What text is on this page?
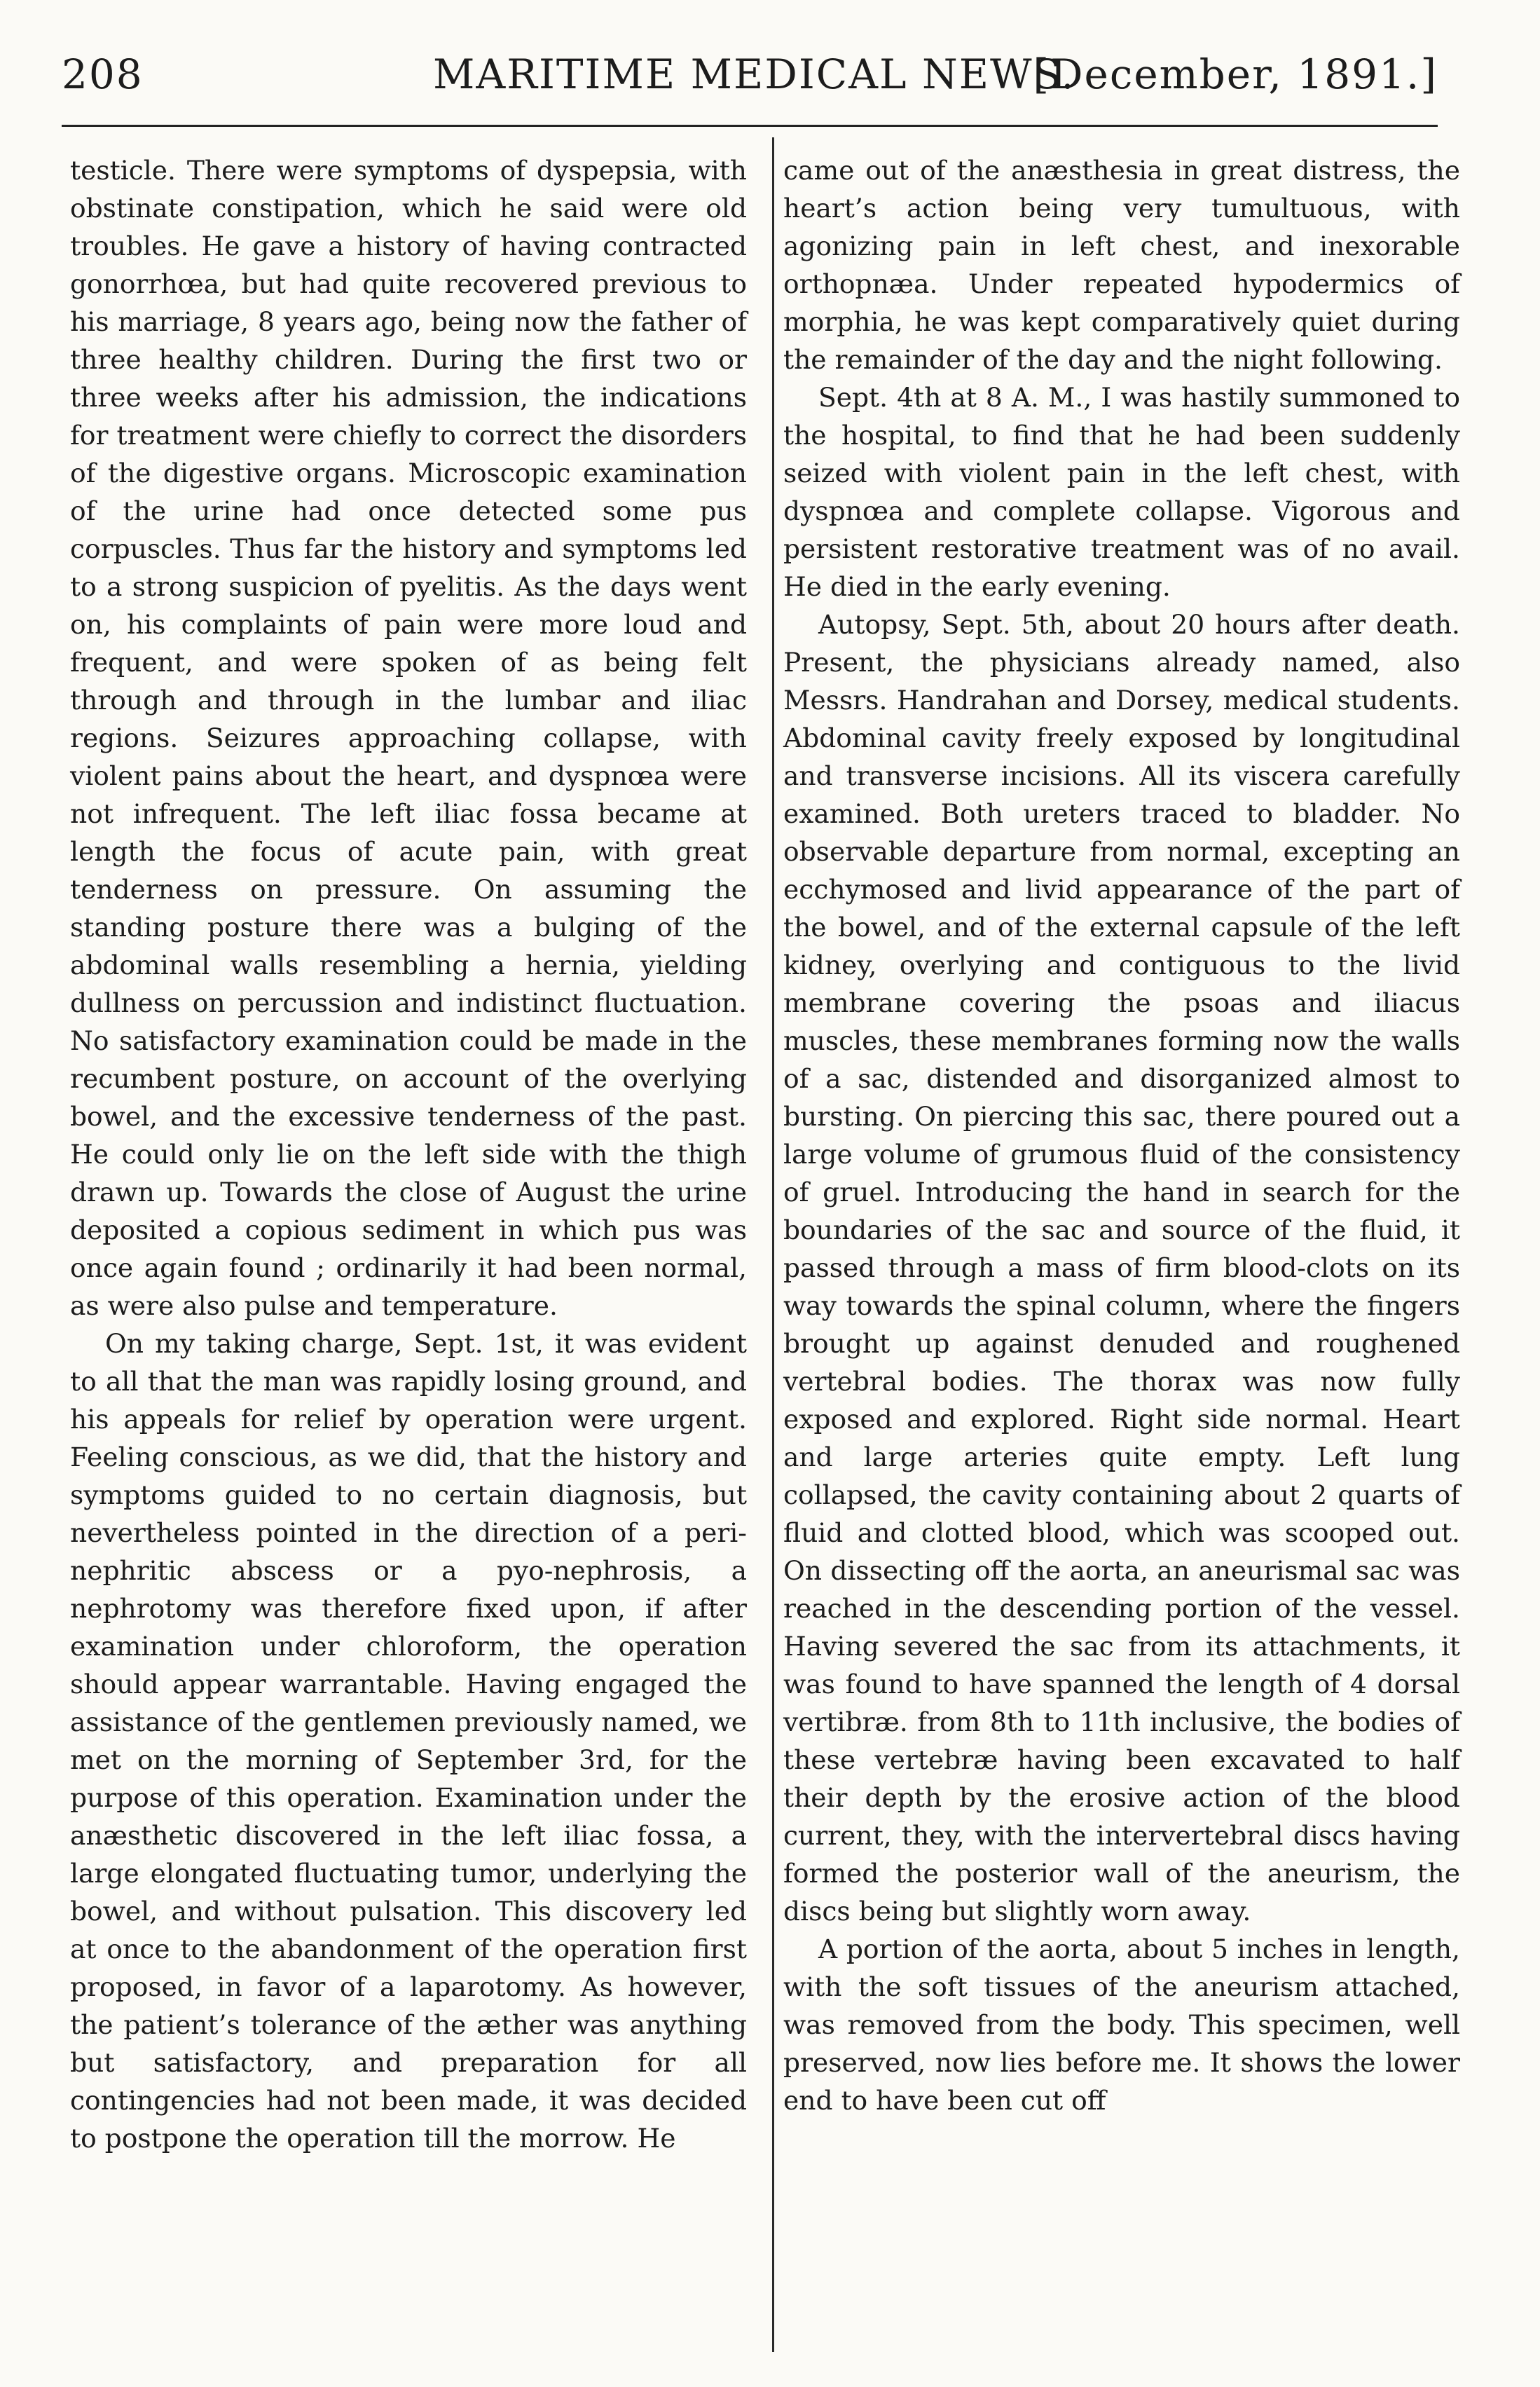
208	MARITIME MEDICAL NEWS.
[December, 1891.]

testicle. There were symptoms of dyspepsia, with obstinate constipation, which he said were old troubles. He gave a history of having contracted gonorrhœa, but had quite recovered previous to his marriage, 8 years ago, being now the father of three healthy children. During the first two or three weeks after his admission, the indications for treatment were chiefly to correct the disorders of the digestive organs. Microscopic examination of the urine had once detected some pus corpuscles. Thus far the history and symptoms led to a strong suspicion of pyelitis. As the days went on, his complaints of pain were more loud and frequent, and were spoken of as being felt through and through in the lumbar and iliac regions. Seizures approaching collapse, with violent pains about the heart, and dyspnœa were not infrequent. The left iliac fossa became at length the focus of acute pain, with great tenderness on pressure. On assuming the standing posture there was a bulging of the abdominal walls resembling a hernia, yielding dullness on percussion and indistinct fluctuation. No satisfactory examination could be made in the recumbent posture, on account of the overlying bowel, and the excessive tenderness of the past. He could only lie on the left side with the thigh drawn up. Towards the close of August the urine deposited a copious sediment in which pus was once again found ; ordinarily it had been normal, as were also pulse and temperature.

On my taking charge, Sept. 1st, it was evident to all that the man was rapidly losing ground, and his appeals for relief by operation were urgent. Feeling conscious, as we did, that the history and symptoms guided to no certain diagnosis, but nevertheless pointed in the direction of a peri-nephritic abscess or a pyo-nephrosis, a nephrotomy was therefore fixed upon, if after examination under chloroform, the operation should appear warrantable. Having engaged the assistance of the gentlemen previously named, we met on the morning of September 3rd, for the purpose of this operation. Examination under the anæsthetic discovered in the left iliac fossa, a large elongated fluctuating tumor, underlying the bowel, and without pulsation. This discovery led at once to the abandonment of the operation first proposed, in favor of a laparotomy. As however, the patient’s tolerance of the æther was anything but satisfactory, and preparation for all contingencies had not been made, it was decided to postpone the operation till the morrow. He

came out of the anæsthesia in great distress, the heart’s action being very tumultuous, with agonizing pain in left chest, and inexorable orthopnæa. Under repeated hypodermics of morphia, he was kept comparatively quiet during the remainder of the day and the night following.

Sept. 4th at 8 A. M., I was hastily summoned to the hospital, to find that he had been suddenly seized with violent pain in the left chest, with dyspnœa and complete collapse. Vigorous and persistent restorative treatment was of no avail. He died in the early evening.

Autopsy, Sept. 5th, about 20 hours after death. Present, the physicians already named, also Messrs. Handrahan and Dorsey, medical students. Abdominal cavity freely exposed by longitudinal and transverse incisions. All its viscera carefully examined. Both ureters traced to bladder. No observable departure from normal, excepting an ecchymosed and livid appearance of the part of the bowel, and of the external capsule of the left kidney, overlying and contiguous to the livid membrane covering the psoas and iliacus muscles, these membranes forming now the walls of a sac, distended and disorganized almost to bursting. On piercing this sac, there poured out a large volume of grumous fluid of the consistency of gruel. Introducing the hand in search for the boundaries of the sac and source of the fluid, it passed through a mass of firm blood-clots on its way towards the spinal column, where the fingers brought up against denuded and roughened vertebral bodies. The thorax was now fully exposed and explored. Right side normal. Heart and large arteries quite empty. Left lung collapsed, the cavity containing about 2 quarts of fluid and clotted blood, which was scooped out. On dissecting off the aorta, an aneurismal sac was reached in the descending portion of the vessel. Having severed the sac from its attachments, it was found to have spanned the length of 4 dorsal vertibræ. from 8th to 11th inclusive, the bodies of these vertebræ having been excavated to half their depth by the erosive action of the blood current, they, with the intervertebral discs having formed the posterior wall of the aneurism, the discs being but slightly worn away.

A portion of the aorta, about 5 inches in length, with the soft tissues of the aneurism attached, was removed from the body. This specimen, well preserved, now lies before me. It shows the lower end to have been cut off
